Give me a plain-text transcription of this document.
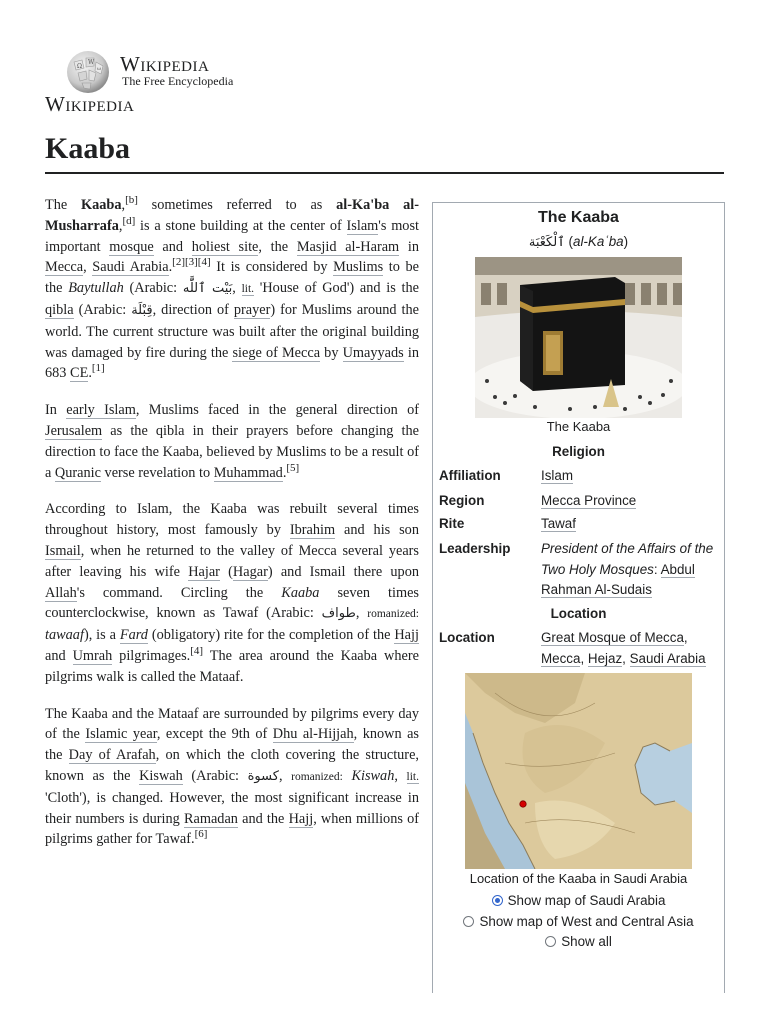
Ω
W
ω Wikipedia
The Free Encyclopedia
Wikipedia
Kaaba

The Kaaba,[b] sometimes referred to as al-Ka'ba al-Musharrafa,[d] is a stone building at the center of Islam's most important mosque and holiest site, the Masjid al-Haram in Mecca, Saudi Arabia.[2][3][4] It is considered by Muslims to be the Baytullah (Arabic: بَيْت ٱللَّٰه, lit. 'House of God') and is the qibla (Arabic: قِبْلَة, direction of prayer) for Muslims around the world. The current structure was built after the original building was damaged by fire during the siege of Mecca by Umayyads in 683 CE.[1]

In early Islam, Muslims faced in the general direction of Jerusalem as the qibla in their prayers before changing the direction to face the Kaaba, believed by Muslims to be a result of a Quranic verse revelation to Muhammad.[5]

According to Islam, the Kaaba was rebuilt several times throughout history, most famously by Ibrahim and his son Ismail, when he returned to the valley of Mecca several years after leaving his wife Hajar (Hagar) and Ismail there upon Allah's command. Circling the Kaaba seven times counterclockwise, known as Tawaf (Arabic: طواف, romanized: tawaaf), is a Fard (obligatory) rite for the completion of the Hajj and Umrah pilgrimages.[4] The area around the Kaaba where pilgrims walk is called the Mataaf.

The Kaaba and the Mataaf are surrounded by pilgrims every day of the Islamic year, except the 9th of Dhu al-Hijjah, known as the Day of Arafah, on which the cloth covering the structure, known as the Kiswah (Arabic: كسوة, romanized: Kiswah, lit. 'Cloth'), is changed. However, the most significant increase in their numbers is during Ramadan and the Hajj, when millions of pilgrims gather for Tawaf.[6]

The Kaaba
ٱلْكَعْبَة (al-Kaʿba)
The Kaaba
Religion
Affiliation	Islam
Region	Mecca Province
Rite	Tawaf
Leadership President of the Affairs of the Two Holy Mosques: Abdul Rahman Al-Sudais
Location
Location	Great Mosque of Mecca, Mecca, Hejaz, Saudi Arabia
Location of the Kaaba in Saudi Arabia
Show map of Saudi Arabia
Show map of West and Central Asia
Show all
